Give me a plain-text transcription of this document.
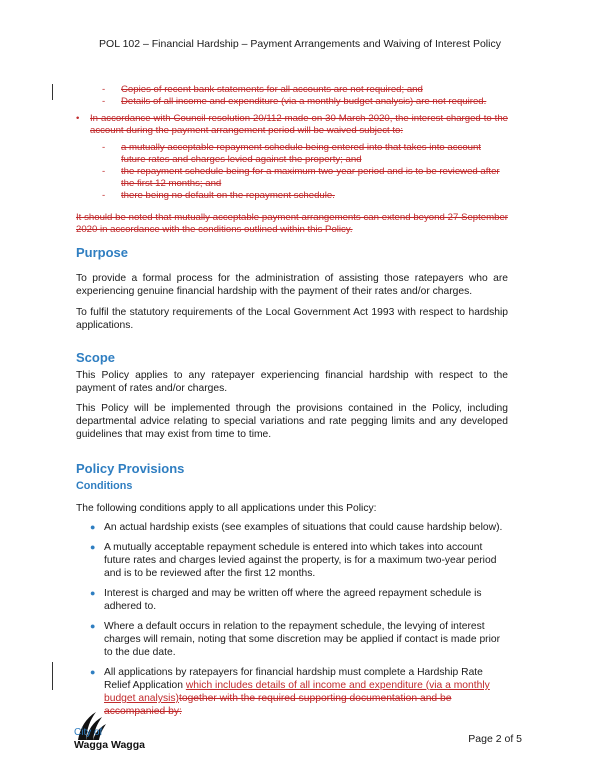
POL 102 – Financial Hardship – Payment Arrangements and Waiving of Interest Policy
- Copies of recent bank statements for all accounts are not required; and
- Details of all income and expenditure (via a monthly budget analysis) are not required.
• In accordance with Council resolution 20/112 made on 30 March 2020, the interest charged to the account during the payment arrangement period will be waived subject to:
- a mutually acceptable repayment schedule being entered into that takes into account future rates and charges levied against the property; and
- the repayment schedule being for a maximum two-year period and is to be reviewed after the first 12 months; and
- there being no default on the repayment schedule.
It should be noted that mutually acceptable payment arrangements can extend beyond 27 September 2020 in accordance with the conditions outlined within this Policy.
Purpose
To provide a formal process for the administration of assisting those ratepayers who are experiencing genuine financial hardship with the payment of their rates and/or charges.
To fulfil the statutory requirements of the Local Government Act 1993 with respect to hardship applications.
Scope
This Policy applies to any ratepayer experiencing financial hardship with respect to the payment of rates and/or charges.
This Policy will be implemented through the provisions contained in the Policy, including departmental advice relating to special variations and rate pegging limits and any developed guidelines that may exist from time to time.
Policy Provisions
Conditions
The following conditions apply to all applications under this Policy:
● An actual hardship exists (see examples of situations that could cause hardship below).
● A mutually acceptable repayment schedule is entered into which takes into account future rates and charges levied against the property, is for a maximum two-year period and is to be reviewed after the first 12 months.
● Interest is charged and may be written off where the agreed repayment schedule is adhered to.
● Where a default occurs in relation to the repayment schedule, the levying of interest charges will remain, noting that some discretion may be applied if contact is made prior to the due date.
● All applications by ratepayers for financial hardship must complete a Hardship Rate Relief Application which includes details of all income and expenditure (via a monthly budget analysis)together with the required supporting documentation and be accompanied by:
City of
Wagga Wagga	Page 2 of 5
